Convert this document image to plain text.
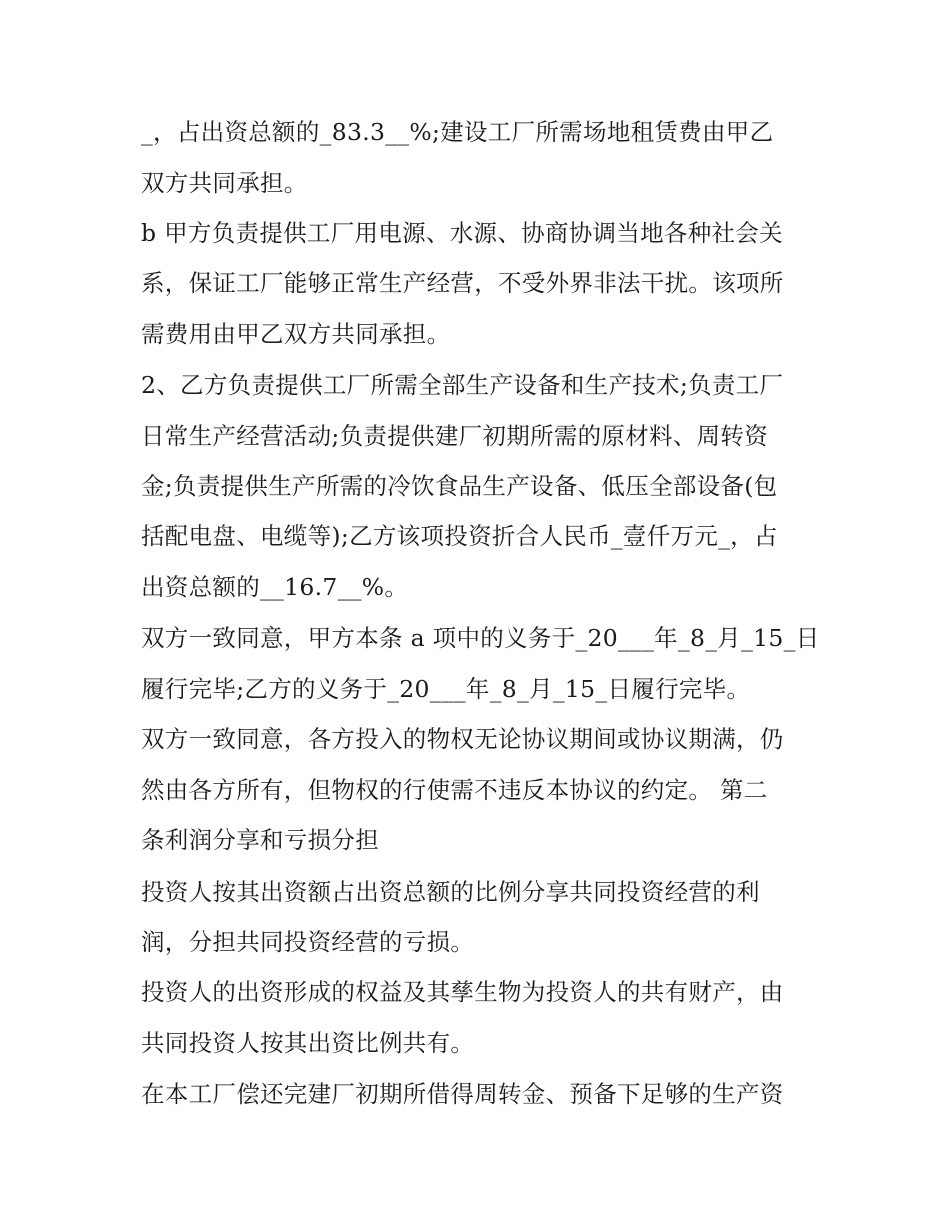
_，占出资总额的_83.3__%;建设工厂所需场地租赁费由甲乙
双方共同承担。
b 甲方负责提供工厂用电源、水源、协商协调当地各种社会关
系，保证工厂能够正常生产经营，不受外界非法干扰。该项所
需费用由甲乙双方共同承担。
2、乙方负责提供工厂所需全部生产设备和生产技术;负责工厂
日常生产经营活动;负责提供建厂初期所需的原材料、周转资
金;负责提供生产所需的冷饮食品生产设备、低压全部设备(包
括配电盘、电缆等);乙方该项投资折合人民币_壹仟万元_，占
出资总额的__16.7__%。
双方一致同意，甲方本条 a 项中的义务于_20___年_8_月_15_日
履行完毕;乙方的义务于_20___年_8_月_15_日履行完毕。
双方一致同意，各方投入的物权无论协议期间或协议期满，仍
然由各方所有，但物权的行使需不违反本协议的约定。 第二
条利润分享和亏损分担
投资人按其出资额占出资总额的比例分享共同投资经营的利
润，分担共同投资经营的亏损。
投资人的出资形成的权益及其孳生物为投资人的共有财产，由
共同投资人按其出资比例共有。
在本工厂偿还完建厂初期所借得周转金、预备下足够的生产资
